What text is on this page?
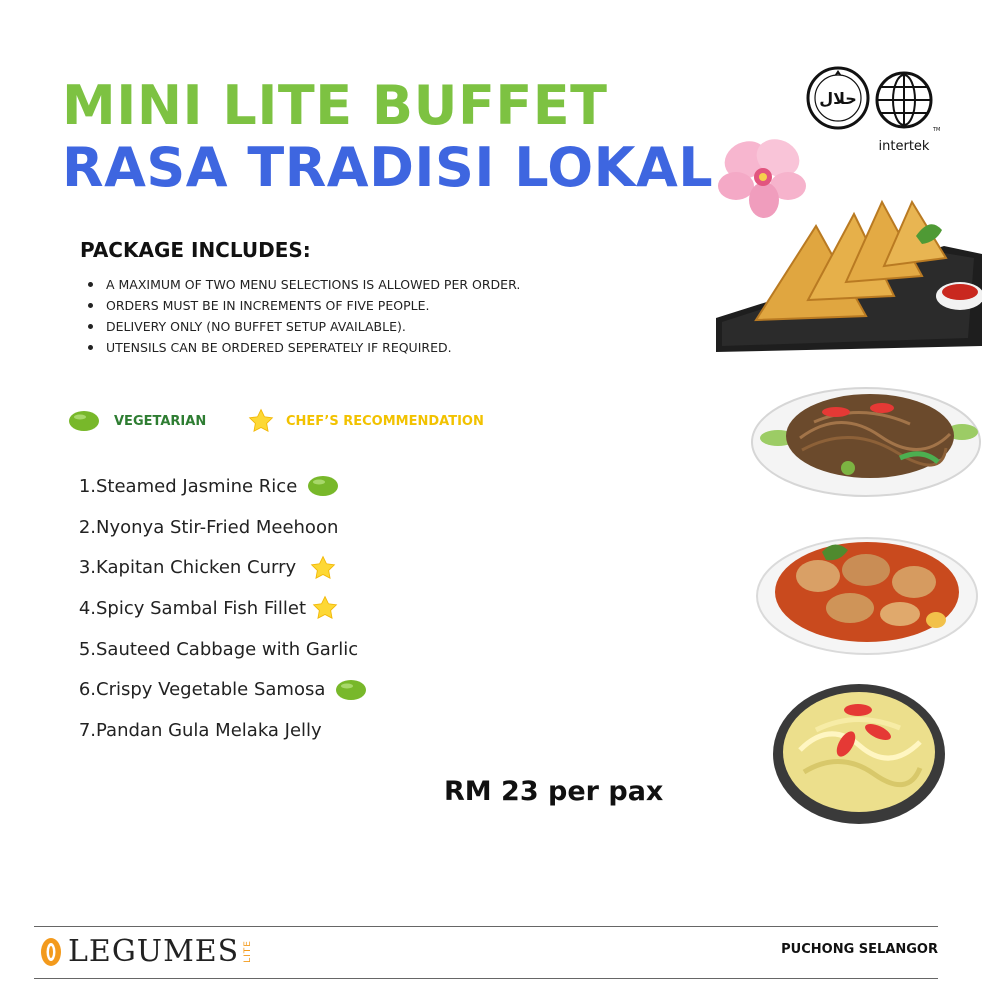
MINI LITE BUFFET
RASA TRADISI LOKAL
حلال
TM
intertek
PACKAGE INCLUDES:
A MAXIMUM OF TWO MENU SELECTIONS IS ALLOWED PER ORDER.
ORDERS MUST BE IN INCREMENTS OF FIVE PEOPLE.
DELIVERY ONLY (NO BUFFET SETUP AVAILABLE).
UTENSILS CAN BE ORDERED SEPERATELY IF REQUIRED.
VEGETARIAN	CHEF’S RECOMMENDATION
1. Steamed Jasmine Rice
2. Nyonya Stir-Fried Meehoon
3. Kapitan Chicken Curry
4. Spicy Sambal Fish Fillet
5. Sauteed Cabbage with Garlic
6. Crispy Vegetable Samosa
7. Pandan Gula Melaka Jelly
RM 23 per pax
LEGUMES LITE	PUCHONG SELANGOR
